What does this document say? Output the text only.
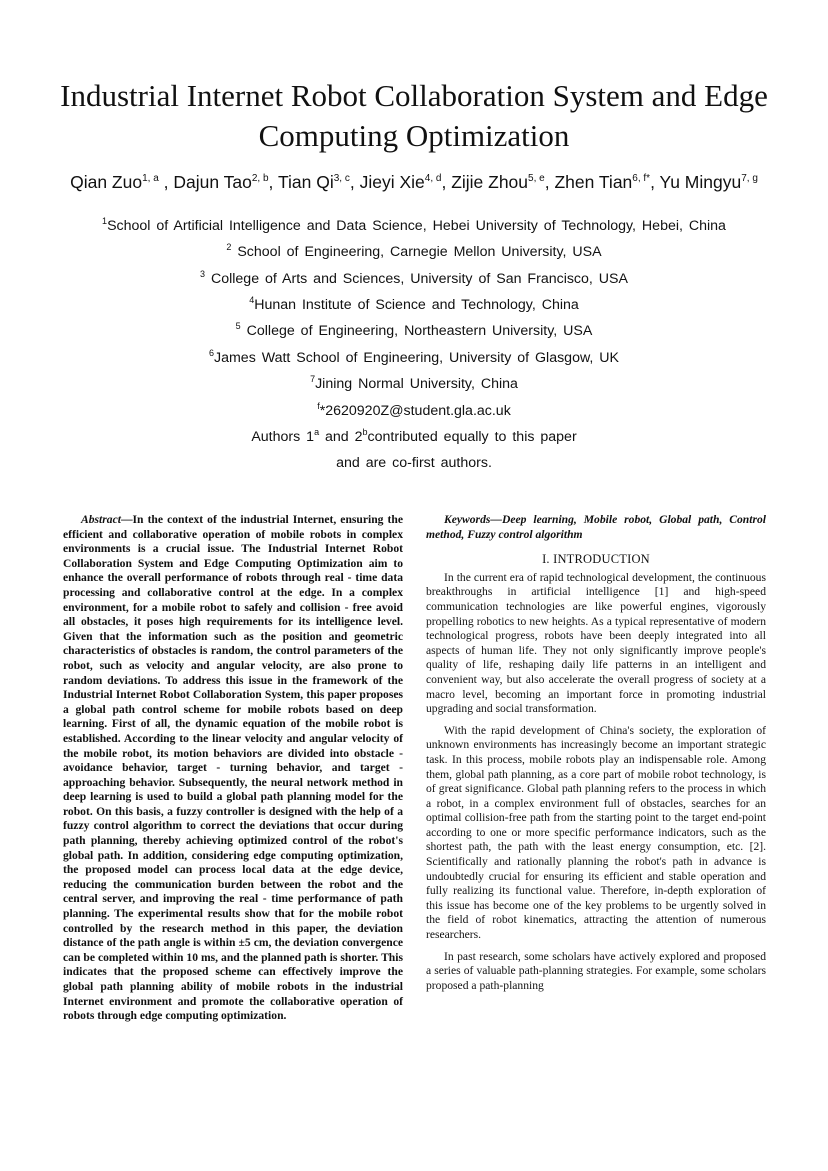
Industrial Internet Robot Collaboration System and Edge Computing Optimization
Qian Zuo$^{1, a}$ , Dajun Tao$^{2, b}$, Tian Qi$^{3, c}$, Jieyi Xie$^{4, d}$, Zijie Zhou$^{5, e}$, Zhen Tian$^{6, f*}$, Yu Mingyu$^{7, g}$
$^1$School of Artificial Intelligence and Data Science, Hebei University of Technology, Hebei, China
$^2$ School of Engineering, Carnegie Mellon University, USA
$^3$ College of Arts and Sciences, University of San Francisco, USA
$^4$Hunan Institute of Science and Technology, China
$^5$ College of Engineering, Northeastern University, USA
$^6$James Watt School of Engineering, University of Glasgow, UK
$^7$Jining Normal University, China
$^f$*2620920Z@student.gla.ac.uk
Authors 1$^a$ and 2$^b$contributed equally to this paper
and are co-first authors.

Abstract—In the context of the industrial Internet, ensuring the efficient and collaborative operation of mobile robots in complex environments is a crucial issue. The Industrial Internet Robot Collaboration System and Edge Computing Optimization aim to enhance the overall performance of robots through real - time data processing and collaborative control at the edge. In a complex environment, for a mobile robot to safely and collision - free avoid all obstacles, it poses high requirements for its intelligence level. Given that the information such as the position and geometric characteristics of obstacles is random, the control parameters of the robot, such as velocity and angular velocity, are also prone to random deviations. To address this issue in the framework of the Industrial Internet Robot Collaboration System, this paper proposes a global path control scheme for mobile robots based on deep learning. First of all, the dynamic equation of the mobile robot is established. According to the linear velocity and angular velocity of the mobile robot, its motion behaviors are divided into obstacle - avoidance behavior, target - turning behavior, and target - approaching behavior. Subsequently, the neural network method in deep learning is used to build a global path planning model for the robot. On this basis, a fuzzy controller is designed with the help of a fuzzy control algorithm to correct the deviations that occur during path planning, thereby achieving optimized control of the robot's global path. In addition, considering edge computing optimization, the proposed model can process local data at the edge device, reducing the communication burden between the robot and the central server, and improving the real - time performance of path planning. The experimental results show that for the mobile robot controlled by the research method in this paper, the deviation distance of the path angle is within ±5 cm, the deviation convergence can be completed within 10 ms, and the planned path is shorter. This indicates that the proposed scheme can effectively improve the global path planning ability of mobile robots in the industrial Internet environment and promote the collaborative operation of robots through edge computing optimization.

Keywords—Deep learning, Mobile robot, Global path, Control method, Fuzzy control algorithm

I. INTRODUCTION

In the current era of rapid technological development, the continuous breakthroughs in artificial intelligence [1] and high-speed communication technologies are like powerful engines, vigorously propelling robotics to new heights. As a typical representative of modern technological progress, robots have been deeply integrated into all aspects of human life. They not only significantly improve people's quality of life, reshaping daily life patterns in an intelligent and convenient way, but also accelerate the overall progress of society at a macro level, becoming an important force in promoting industrial upgrading and social transformation.

With the rapid development of China's society, the exploration of unknown environments has increasingly become an important strategic task. In this process, mobile robots play an indispensable role. Among them, global path planning, as a core part of mobile robot technology, is of great significance. Global path planning refers to the process in which a robot, in a complex environment full of obstacles, searches for an optimal collision-free path from the starting point to the target end-point according to one or more specific performance indicators, such as the shortest path, the path with the least energy consumption, etc. [2]. Scientifically and rationally planning the robot's path in advance is undoubtedly crucial for ensuring its efficient and stable operation and fully realizing its functional value. Therefore, in-depth exploration of this issue has become one of the key problems to be urgently solved in the field of robot kinematics, attracting the attention of numerous researchers.

In past research, some scholars have actively explored and proposed a series of valuable path-planning strategies. For example, some scholars proposed a path-planning
